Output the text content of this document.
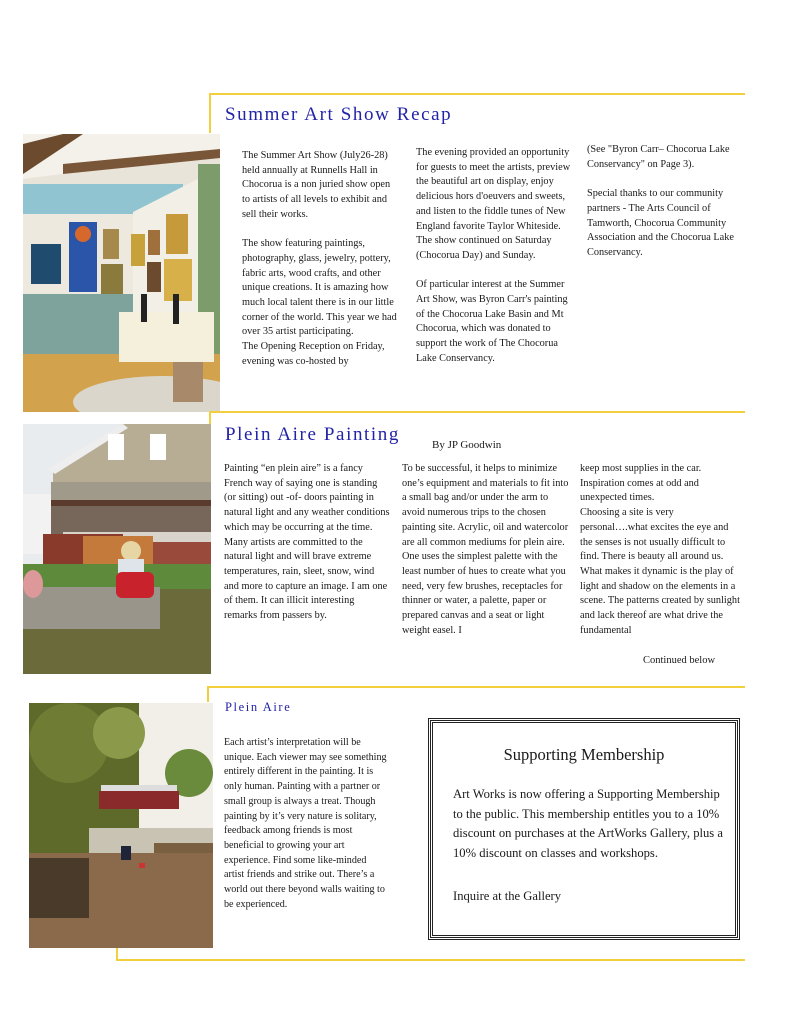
Summer Art Show Recap

The Summer Art Show (July26-28) held annually at Runnells Hall in Chocorua is a non juried show open to artists of all levels to exhibit and sell their works.

The show featuring paintings, photography, glass, jewelry, pottery, fabric arts, wood crafts, and other unique creations. It is amazing how much local talent there is in our little corner of the world. This year we had over 35 artist participating.

The Opening Reception on Friday, evening was co-hosted by

The evening provided an opportunity for guests to meet the artists, preview the beautiful art on display, enjoy delicious hors d'oeuvers and sweets, and listen to the fiddle tunes of New England favorite Taylor Whiteside. The show continued on Saturday (Chocorua Day) and Sunday.

Of particular interest at the Summer Art Show, was Byron Carr's painting of the Chocorua Lake Basin and Mt Chocorua, which was donated to support the work of The Chocorua Lake Conservancy.

(See "Byron Carr– Chocorua Lake Conservancy" on Page 3).

Special thanks to our community partners - The Arts Council of Tamworth, Chocorua Community Association and the Chocorua Lake Conservancy.

Plein Aire Painting	By JP Goodwin

Painting “en plein aire” is a fancy French way of saying one is standing (or sitting) out -of- doors painting in natural light and any weather conditions which may be occurring at the time.

Many artists are committed to the natural light and will brave extreme temperatures, rain, sleet, snow, wind and more to capture an image. I am one of them. It can illicit interesting remarks from passers by.

To be successful, it helps to minimize one’s equipment and materials to fit into a small bag and/or under the arm to avoid numerous trips to the chosen painting site. Acrylic, oil and watercolor are all common mediums for plein aire. One uses the simplest palette with the least number of hues to create what you need, very few brushes, receptacles for thinner or water, a palette, paper or prepared canvas and a seat or light weight easel. I

keep most supplies in the car. Inspiration comes at odd and unexpected times.

Choosing a site is very personal….what excites the eye and the senses is not usually difficult to find. There is beauty all around us. What makes it dynamic is the play of light and shadow on the elements in a scene. The patterns created by sunlight and lack thereof are what drive the fundamental

Continued below
Plein Aire

Each artist’s interpretation will be unique. Each viewer may see something entirely different in the painting. It is only human. Painting with a partner or small group is always a treat. Though painting by it’s very nature is solitary, feedback among friends is most beneficial to growing your art experience. Find some like-minded artist friends and strike out. There’s a world out there beyond walls waiting to be experienced.

Supporting Membership
Art Works is now offering a Supporting Membership to the public. This membership entitles you to a 10% discount on purchases at the ArtWorks Gallery, plus a 10% discount on classes and workshops.
Inquire at the Gallery
